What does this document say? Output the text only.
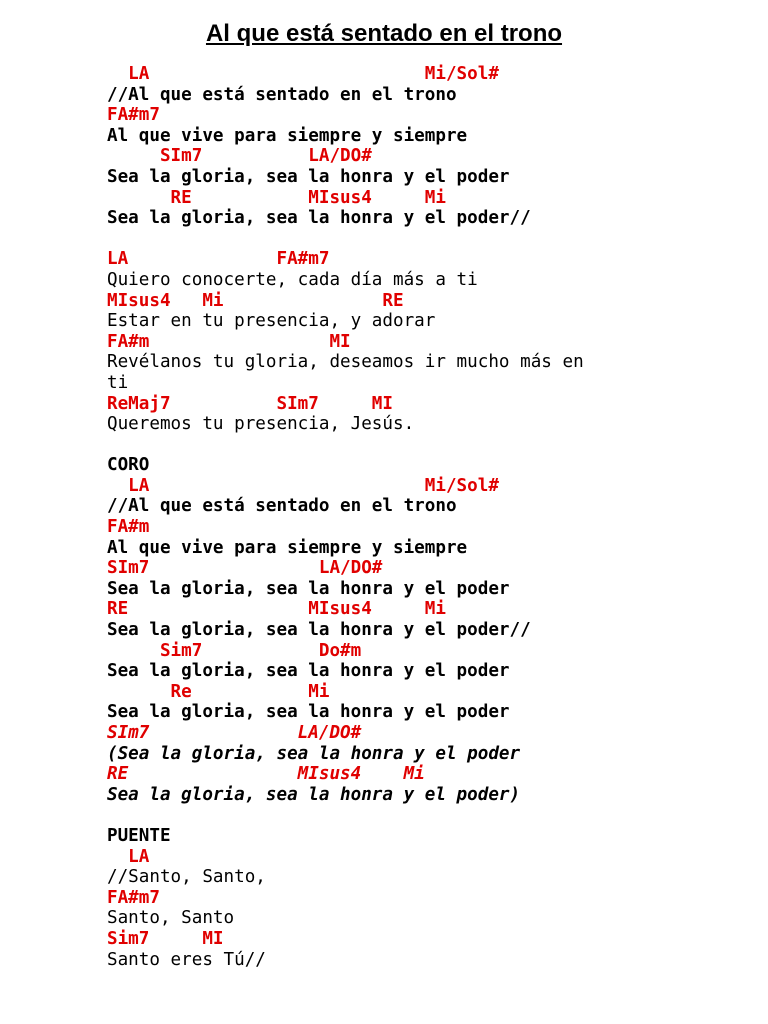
Al que está sentado en el trono
LA                          Mi/Sol#
//Al que está sentado en el trono
FA#m7
Al que vive para siempre y siempre
SIm7          LA/DO#
Sea la gloria, sea la honra y el poder
RE           MIsus4     Mi
Sea la gloria, sea la honra y el poder//
LA              FA#m7
Quiero conocerte, cada día más a ti
MIsus4   Mi               RE
Estar en tu presencia, y adorar
FA#m                 MI
Revélanos tu gloria, deseamos ir mucho más en
ti
ReMaj7          SIm7     MI
Queremos tu presencia, Jesús.
CORO
LA                          Mi/Sol#
//Al que está sentado en el trono
FA#m
Al que vive para siempre y siempre
SIm7                LA/DO#
Sea la gloria, sea la honra y el poder
RE                 MIsus4     Mi
Sea la gloria, sea la honra y el poder//
Sim7           Do#m
Sea la gloria, sea la honra y el poder
Re           Mi
Sea la gloria, sea la honra y el poder
SIm7              LA/DO#
(Sea la gloria, sea la honra y el poder
RE                MIsus4    Mi
Sea la gloria, sea la honra y el poder)
PUENTE
LA
//Santo, Santo,
FA#m7
Santo, Santo
Sim7     MI
Santo eres Tú//
